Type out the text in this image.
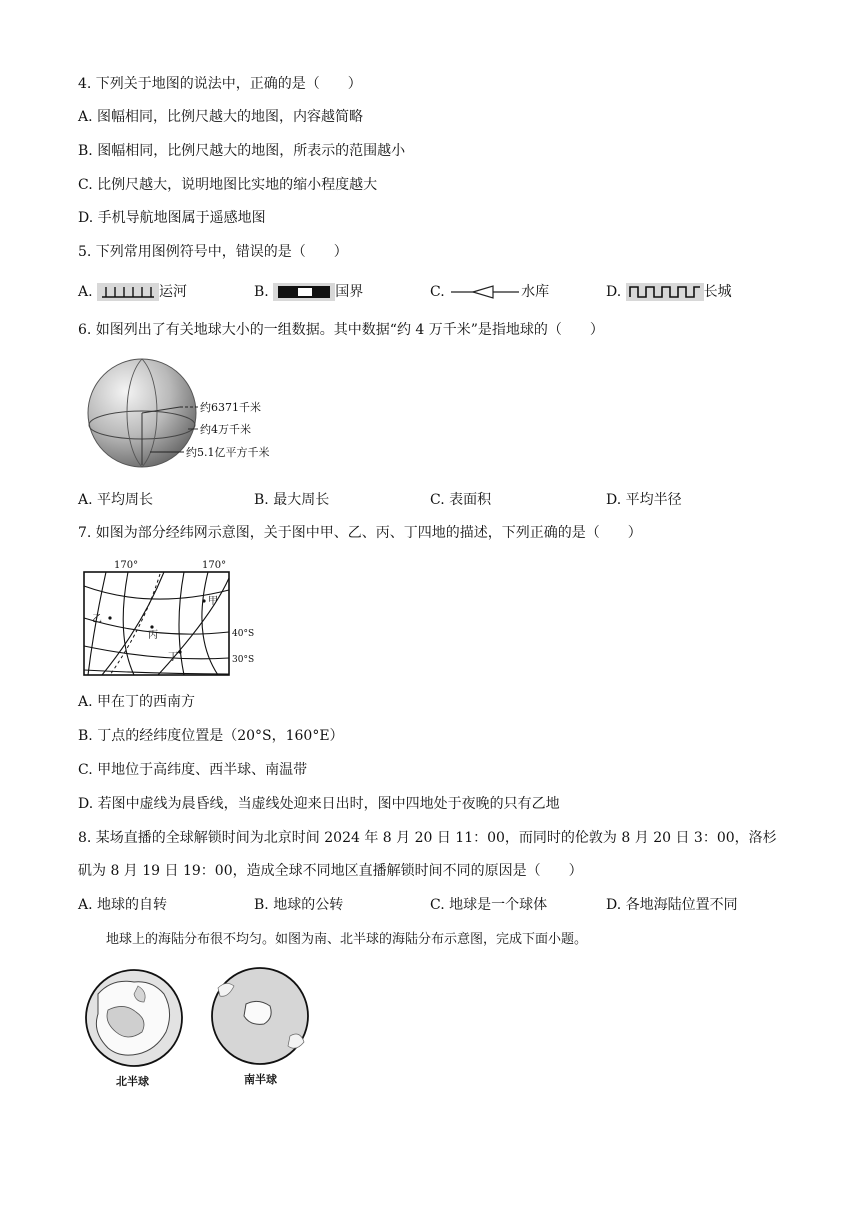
4. 下列关于地图的说法中，正确的是（　　）
A. 图幅相同，比例尺越大的地图，内容越简略
B. 图幅相同，比例尺越大的地图，所表示的范围越小
C. 比例尺越大，说明地图比实地的缩小程度越大
D. 手机导航地图属于遥感地图
5. 下列常用图例符号中，错误的是（　　）
A.	运河	B.	国界	C.	水库	D.	长城
6. 如图列出了有关地球大小的一组数据。其中数据“约 4 万千米”是指地球的（　　）
约6371千米
约4万千米
约5.1亿平方千米
A. 平均周长	B. 最大周长	C. 表面积	D. 平均半径
7. 如图为部分经纬网示意图，关于图中甲、乙、丙、丁四地的描述，下列正确的是（　　）
170°	170°
甲
乙
丙
丁
40°S
30°S
A. 甲在丁的西南方
B. 丁点的经纬度位置是（20°S，160°E）
C. 甲地位于高纬度、西半球、南温带
D. 若图中虚线为晨昏线，当虚线处迎来日出时，图中四地处于夜晚的只有乙地
8. 某场直播的全球解锁时间为北京时间 2024 年 8 月 20 日 11：00，而同时的伦敦为 8 月 20 日 3：00，洛杉
矶为 8 月 19 日 19：00，造成全球不同地区直播解锁时间不同的原因是（　　）
A. 地球的自转	B. 地球的公转	C. 地球是一个球体	D. 各地海陆位置不同
地球上的海陆分布很不均匀。如图为南、北半球的海陆分布示意图，完成下面小题。
北半球	南半球
